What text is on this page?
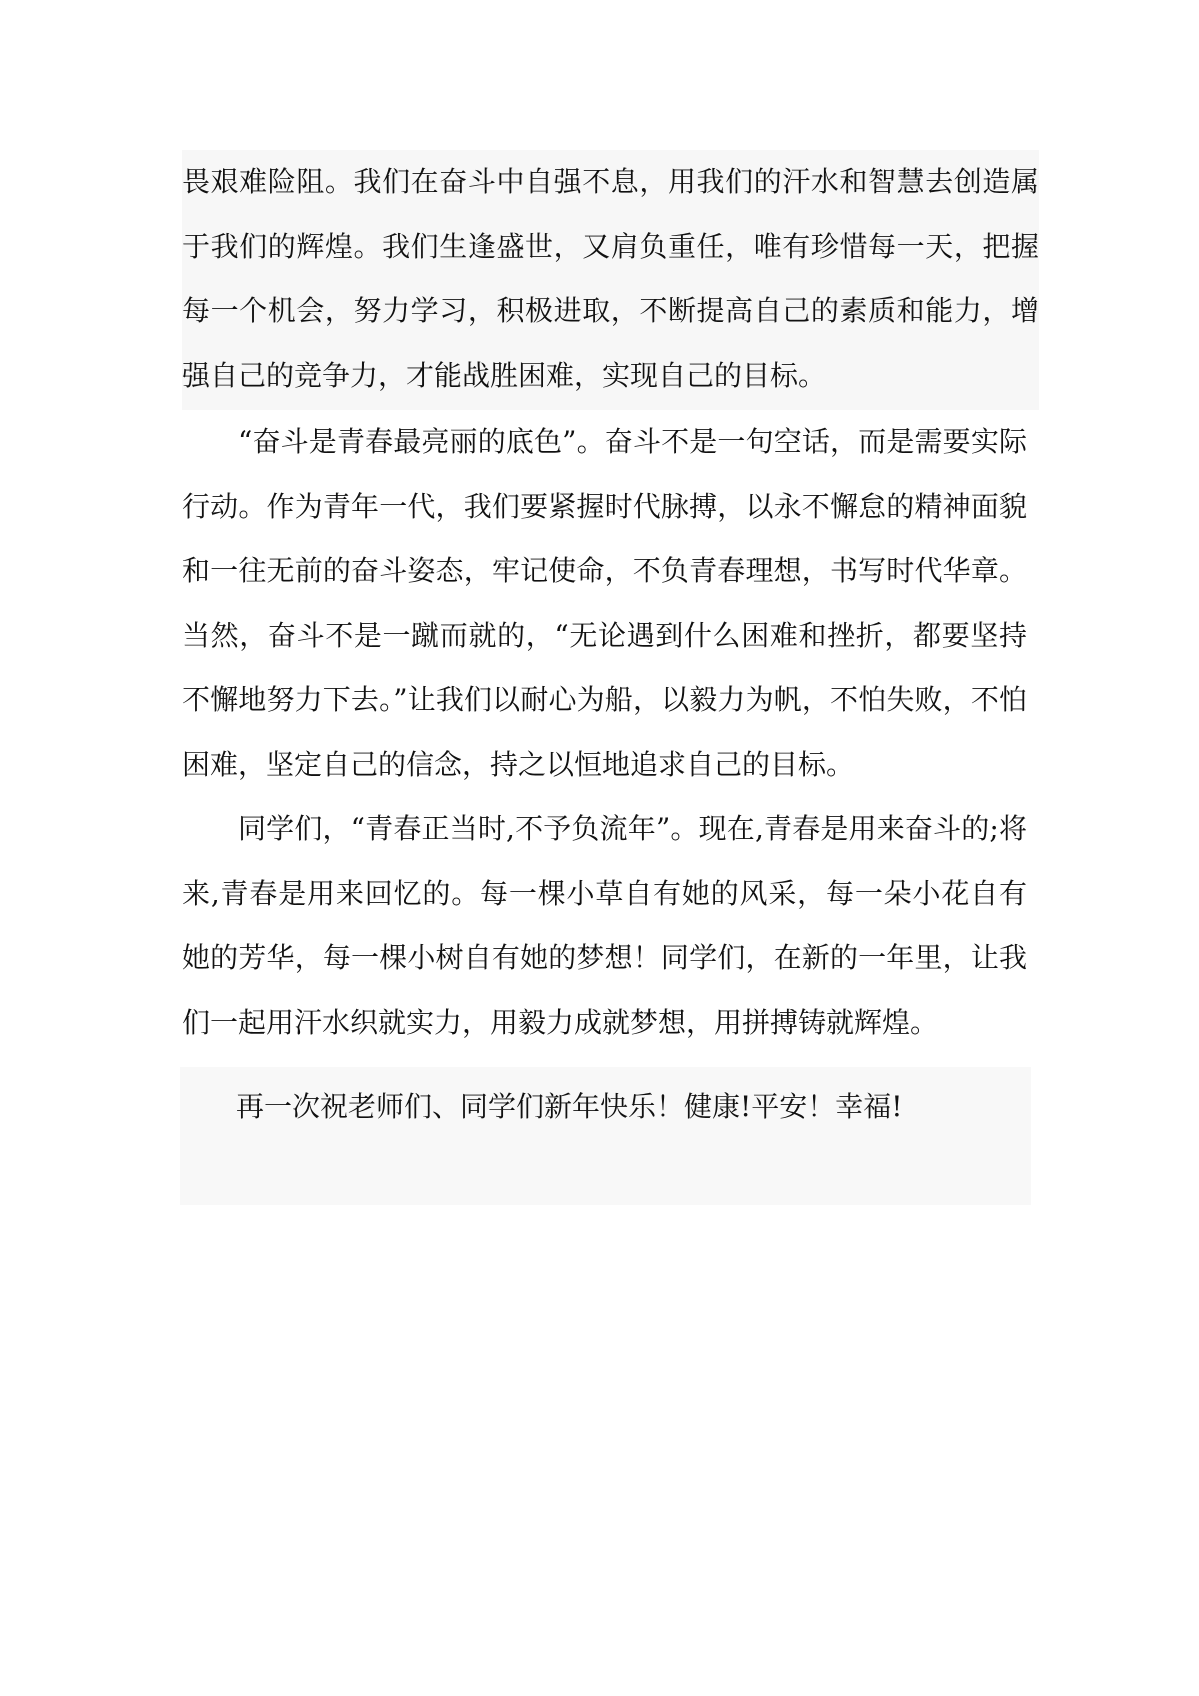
畏艰难险阻。我们在奋斗中自强不息，用我们的汗水和智慧去创造属于我们的辉煌。我们生逢盛世，又肩负重任，唯有珍惜每一天，把握每一个机会，努力学习，积极进取，不断提高自己的素质和能力，增强自己的竞争力，才能战胜困难，实现自己的目标。

“奋斗是青春最亮丽的底色”。奋斗不是一句空话，而是需要实际行动。作为青年一代，我们要紧握时代脉搏，以永不懈怠的精神面貌和一往无前的奋斗姿态，牢记使命，不负青春理想，书写时代华章。当然，奋斗不是一蹴而就的，“无论遇到什么困难和挫折，都要坚持不懈地努力下去。”让我们以耐心为船，以毅力为帆，不怕失败，不怕困难，坚定自己的信念，持之以恒地追求自己的目标。

同学们，“青春正当时,不予负流年”。现在,青春是用来奋斗的;将来,青春是用来回忆的。每一棵小草自有她的风采，每一朵小花自有她的芳华，每一棵小树自有她的梦想！同学们，在新的一年里，让我们一起用汗水织就实力，用毅力成就梦想，用拼搏铸就辉煌。

再一次祝老师们、同学们新年快乐！健康!平安！幸福!
